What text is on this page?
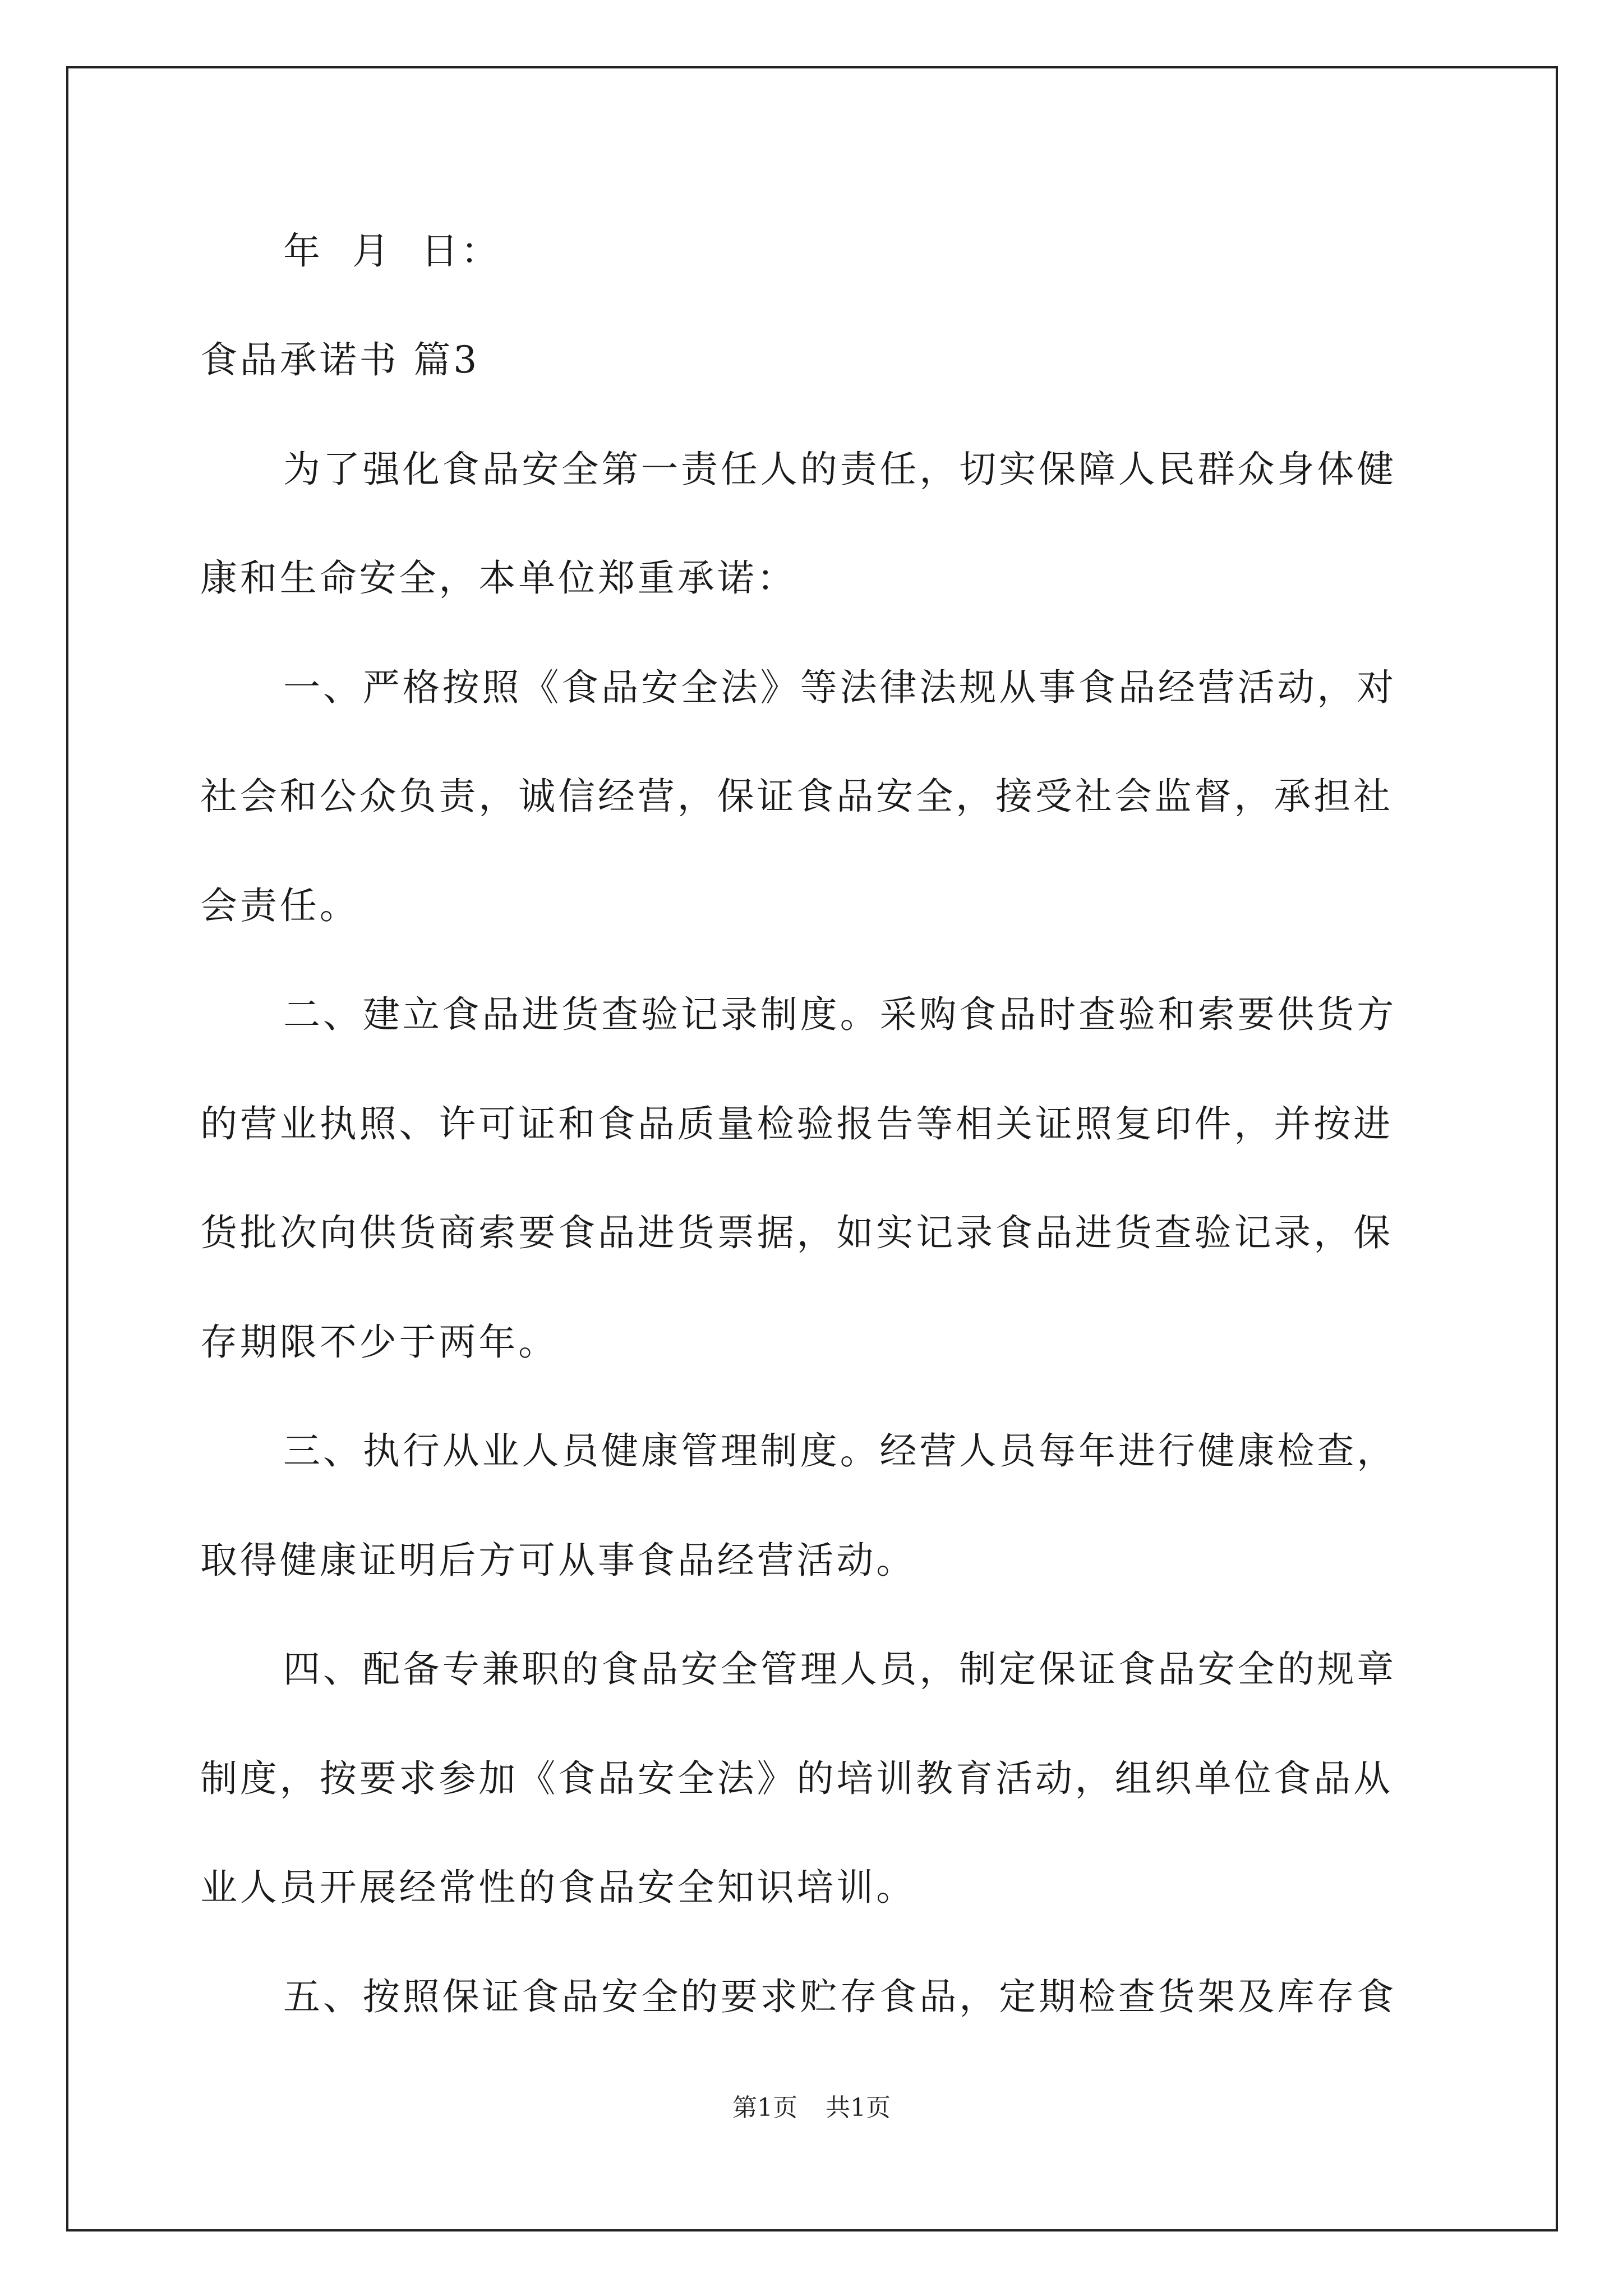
年 月 日：
食品承诺书 篇3
为了强化食品安全第一责任人的责任，切实保障人民群众身体健
康和生命安全，本单位郑重承诺：
一、严格按照《食品安全法》等法律法规从事食品经营活动，对
社会和公众负责，诚信经营，保证食品安全，接受社会监督，承担社
会责任。
二、建立食品进货查验记录制度。采购食品时查验和索要供货方
的营业执照、许可证和食品质量检验报告等相关证照复印件，并按进
货批次向供货商索要食品进货票据，如实记录食品进货查验记录，保
存期限不少于两年。
三、执行从业人员健康管理制度。经营人员每年进行健康检查，
取得健康证明后方可从事食品经营活动。
四、配备专兼职的食品安全管理人员，制定保证食品安全的规章
制度，按要求参加《食品安全法》的培训教育活动，组织单位食品从
业人员开展经常性的食品安全知识培训。
五、按照保证食品安全的要求贮存食品，定期检查货架及库存食
第1页 共1页
